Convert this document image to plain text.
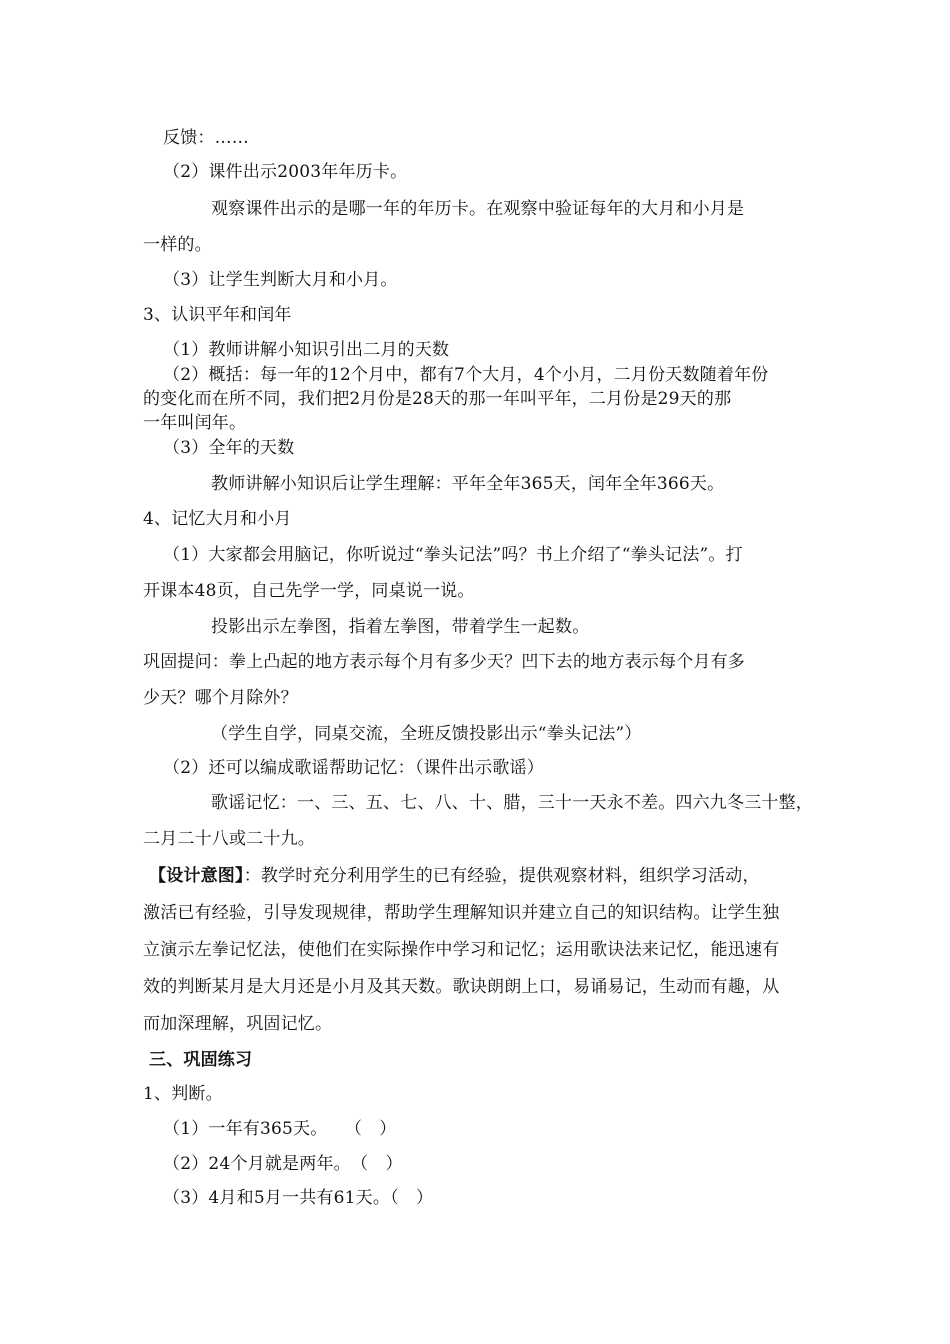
反馈：……
（2）课件出示2003年年历卡。
观察课件出示的是哪一年的年历卡。在观察中验证每年的大月和小月是
一样的。
（3）让学生判断大月和小月。
3、认识平年和闰年
（1）教师讲解小知识引出二月的天数
（2）概括：每一年的12个月中，都有7个大月，4个小月，二月份天数随着年份
的变化而在所不同，我们把2月份是28天的那一年叫平年，二月份是29天的那
一年叫闰年。
（3）全年的天数
教师讲解小知识后让学生理解：平年全年365天，闰年全年366天。
4、记忆大月和小月
（1）大家都会用脑记，你听说过“拳头记法”吗？书上介绍了“拳头记法”。打
开课本48页，自己先学一学，同桌说一说。
投影出示左拳图，指着左拳图，带着学生一起数。
巩固提问：拳上凸起的地方表示每个月有多少天？凹下去的地方表示每个月有多
少天？哪个月除外？
（学生自学，同桌交流，全班反馈投影出示“拳头记法”）
（2）还可以编成歌谣帮助记忆：（课件出示歌谣）
歌谣记忆：一、三、五、七、八、十、腊，三十一天永不差。四六九冬三十整，
二月二十八或二十九。
【设计意图】：教学时充分利用学生的已有经验，提供观察材料，组织学习活动，
激活已有经验，引导发现规律，帮助学生理解知识并建立自己的知识结构。让学生独
立演示左拳记忆法，使他们在实际操作中学习和记忆；运用歌诀法来记忆，能迅速有
效的判断某月是大月还是小月及其天数。歌诀朗朗上口，易诵易记，生动而有趣，从
而加深理解，巩固记忆。
三、巩固练习
1、判断。
（1）一年有365天。　　（　）
（2）24个月就是两年。　（　）
（3）4月和5月一共有61天。（　）
